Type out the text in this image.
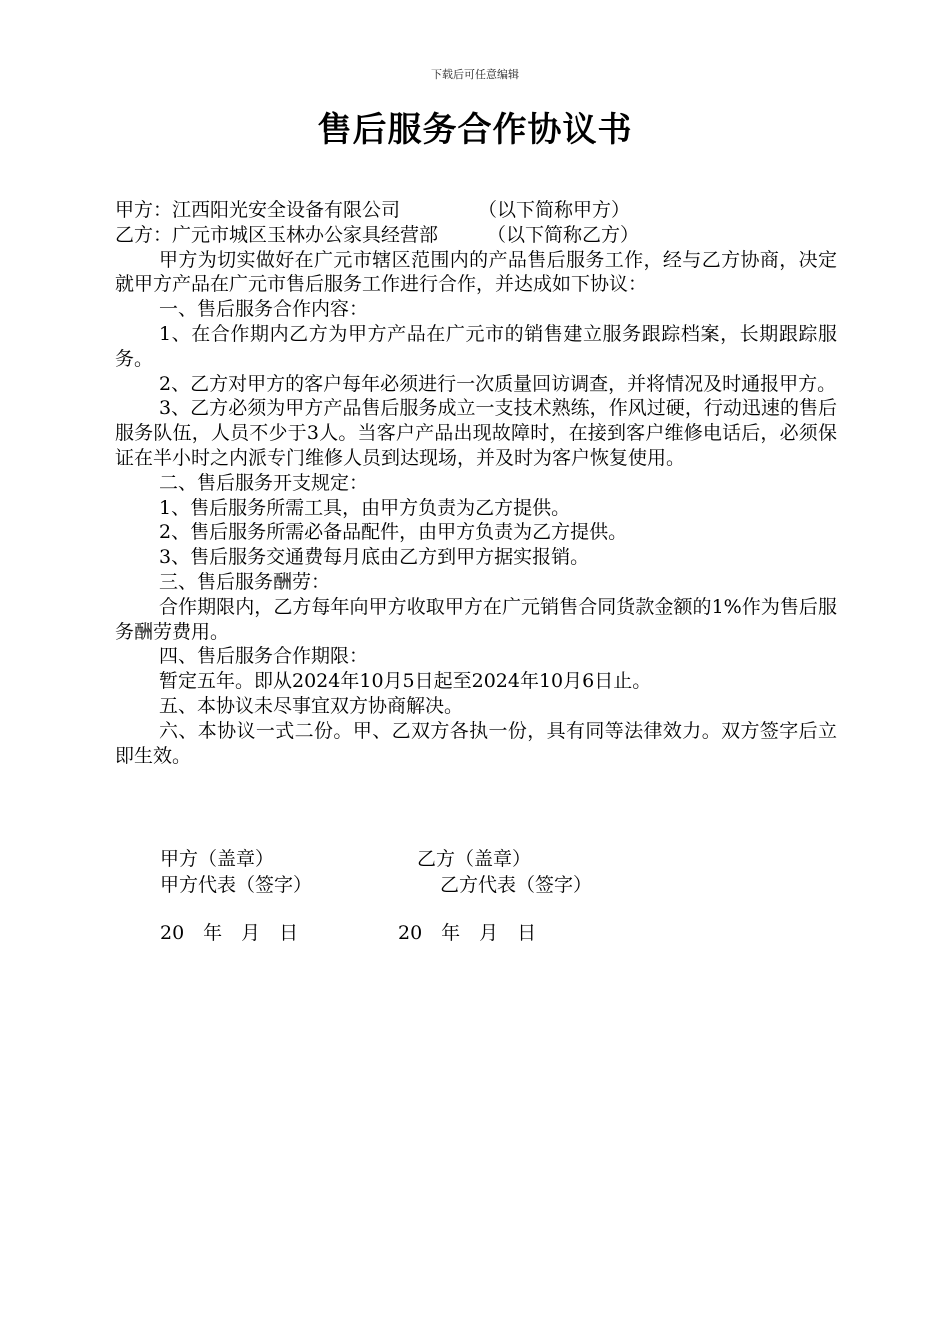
下载后可任意编辑
售后服务合作协议书

甲方：江西阳光安全设备有限公司	（以下简称甲方）

乙方：广元市城区玉林办公家具经营部	（以下简称乙方）

甲方为切实做好在广元市辖区范围内的产品售后服务工作，经与乙方协商，决定就甲方产品在广元市售后服务工作进行合作，并达成如下协议：

一、售后服务合作内容：

1、在合作期内乙方为甲方产品在广元市的销售建立服务跟踪档案，长期跟踪服务。

2、乙方对甲方的客户每年必须进行一次质量回访调查，并将情况及时通报甲方。

3、乙方必须为甲方产品售后服务成立一支技术熟练，作风过硬，行动迅速的售后服务队伍，人员不少于3人。当客户产品出现故障时，在接到客户维修电话后，必须保证在半小时之内派专门维修人员到达现场，并及时为客户恢复使用。

二、售后服务开支规定：

1、售后服务所需工具，由甲方负责为乙方提供。

2、售后服务所需必备品配件，由甲方负责为乙方提供。

3、售后服务交通费每月底由乙方到甲方据实报销。

三、售后服务酬劳：

合作期限内，乙方每年向甲方收取甲方在广元销售合同货款金额的1%作为售后服务酬劳费用。

四、售后服务合作期限：

暂定五年。即从2024年10月5日起至2024年10月6日止。

五、本协议未尽事宜双方协商解决。

六、本协议一式二份。甲、乙双方各执一份，具有同等法律效力。双方签字后立即生效。

甲方（盖章）	乙方（盖章）
甲方代表（签字）	乙方代表（签字）
20　年　月　日	20　年　月　日
